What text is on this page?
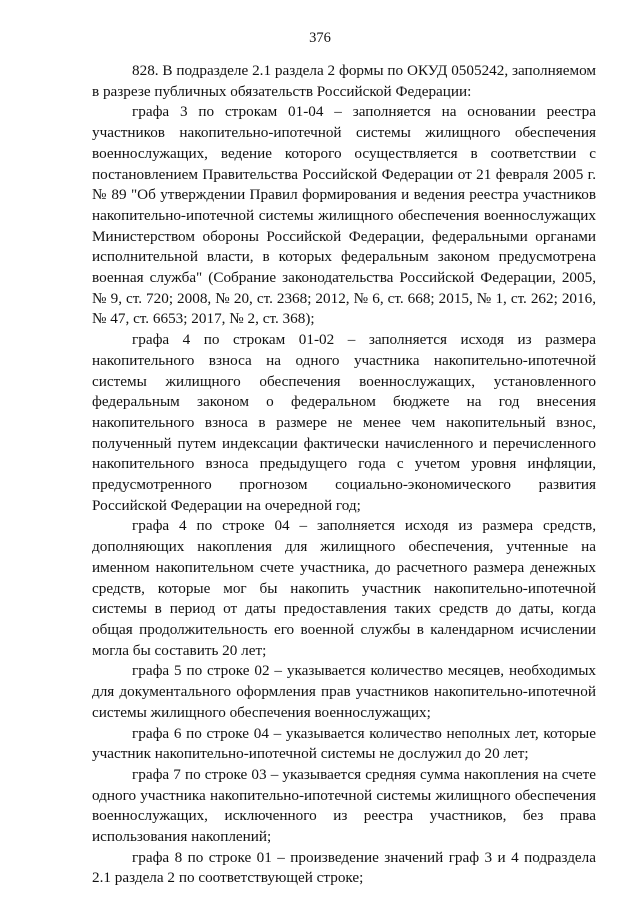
376

828. В подразделе 2.1 раздела 2 формы по ОКУД 0505242, заполняемом в разрезе публичных обязательств Российской Федерации:

графа 3 по строкам 01-04 – заполняется на основании реестра участников накопительно-ипотечной системы жилищного обеспечения военнослужащих, ведение которого осуществляется в соответствии с постановлением Правительства Российской Федерации от 21 февраля 2005 г. № 89 "Об утверждении Правил формирования и ведения реестра участников накопительно-ипотечной системы жилищного обеспечения военнослужащих Министерством обороны Российской Федерации, федеральными органами исполнительной власти, в которых федеральным законом предусмотрена военная служба" (Собрание законодательства Российской Федерации, 2005, № 9, ст. 720; 2008, № 20, ст. 2368; 2012, № 6, ст. 668; 2015, № 1, ст. 262; 2016, № 47, ст. 6653; 2017, № 2, ст. 368);

графа 4 по строкам 01-02 – заполняется исходя из размера накопительного взноса на одного участника накопительно-ипотечной системы жилищного обеспечения военнослужащих, установленного федеральным законом о федеральном бюджете на год внесения накопительного взноса в размере не менее чем накопительный взнос, полученный путем индексации фактически начисленного и перечисленного накопительного взноса предыдущего года с учетом уровня инфляции, предусмотренного прогнозом социально-экономического развития Российской Федерации на очередной год;

графа 4 по строке 04 – заполняется исходя из размера средств, дополняющих накопления для жилищного обеспечения, учтенные на именном накопительном счете участника, до расчетного размера денежных средств, которые мог бы накопить участник накопительно-ипотечной системы в период от даты предоставления таких средств до даты, когда общая продолжительность его военной службы в календарном исчислении могла бы составить 20 лет;

графа 5 по строке 02 – указывается количество месяцев, необходимых для документального оформления прав участников накопительно-ипотечной системы жилищного обеспечения военнослужащих;

графа 6 по строке 04 – указывается количество неполных лет, которые участник накопительно-ипотечной системы не дослужил до 20 лет;

графа 7 по строке 03 – указывается средняя сумма накопления на счете одного участника накопительно-ипотечной системы жилищного обеспечения военнослужащих, исключенного из реестра участников, без права использования накоплений;

графа 8 по строке 01 – произведение значений граф 3 и 4 подраздела 2.1 раздела 2 по соответствующей строке;
